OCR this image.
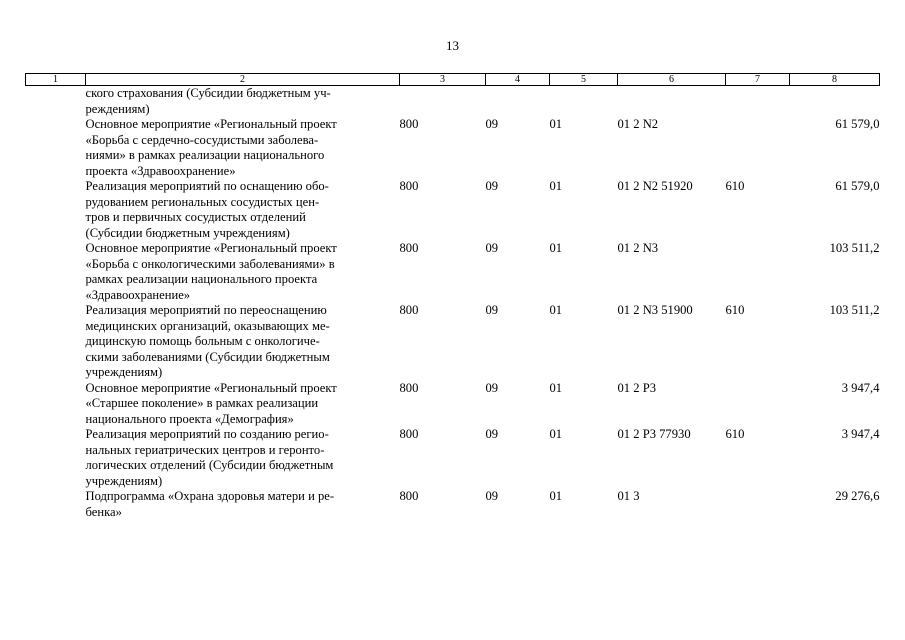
13
1	2	3	4	5	6	7	8
	ского страхования (Субсидии бюджетным уч-
реждениям)						
	Основное мероприятие «Региональный проект
«Борьба с сердечно-сосудистыми заболева-
ниями» в рамках реализации национального
проекта «Здравоохранение»	800	09	01	01 2 N2		61 579,0
	Реализация мероприятий по оснащению обо-
рудованием региональных сосудистых цен-
тров и первичных сосудистых отделений
(Субсидии бюджетным учреждениям)	800	09	01	01 2 N2 51920	610	61 579,0
	Основное мероприятие «Региональный проект
«Борьба с онкологическими заболеваниями» в
рамках реализации национального проекта
«Здравоохранение»	800	09	01	01 2 N3		103 511,2
	Реализация мероприятий по переоснащению
медицинских организаций, оказывающих ме-
дицинскую помощь больным с онкологиче-
скими заболеваниями (Субсидии бюджетным
учреждениям)	800	09	01	01 2 N3 51900	610	103 511,2
	Основное мероприятие «Региональный проект
«Старшее поколение» в рамках реализации
национального проекта «Демография»	800	09	01	01 2 P3		3 947,4
	Реализация мероприятий по созданию регио-
нальных гериатрических центров и геронто-
логических отделений (Субсидии бюджетным
учреждениям)	800	09	01	01 2 P3 77930	610	3 947,4
	Подпрограмма «Охрана здоровья матери и ре-
бенка»	800	09	01	01 3		29 276,6
